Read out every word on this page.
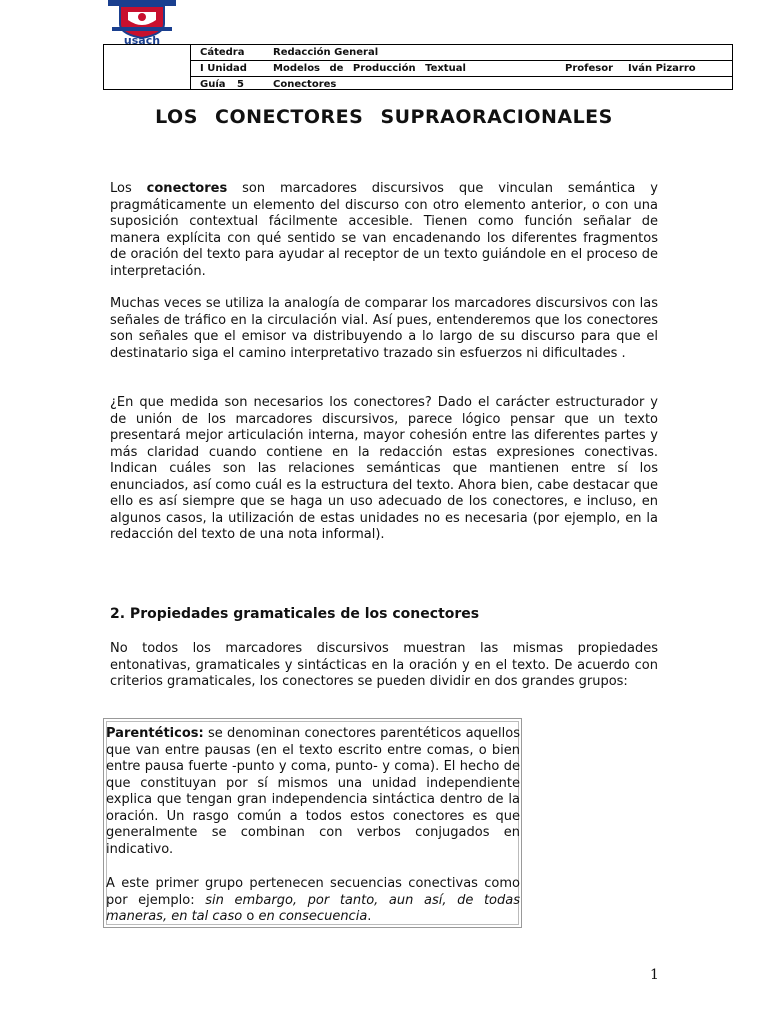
usach
Cátedra	Redacción General
I Unidad	Modelos de Producción Textual	Profesor Iván Pizarro
Guía 5	Conectores
LOS CONECTORES SUPRAORACIONALES

Los conectores son marcadores discursivos que vinculan semántica y pragmáticamente un elemento del discurso con otro elemento anterior, o con una suposición contextual fácilmente accesible. Tienen como función señalar de manera explícita con qué sentido se van encadenando los diferentes fragmentos de oración del texto para ayudar al receptor de un texto guiándole en el proceso de interpretación.

Muchas veces se utiliza la analogía de comparar los marcadores discursivos con las señales de tráfico en la circulación vial. Así pues, entenderemos que los conectores son señales que el emisor va distribuyendo a lo largo de su discurso para que el destinatario siga el camino interpretativo trazado sin esfuerzos ni dificultades .

¿En que medida son necesarios los conectores? Dado el carácter estructurador y de unión de los marcadores discursivos, parece lógico pensar que un texto presentará mejor articulación interna, mayor cohesión entre las diferentes partes y más claridad cuando contiene en la redacción estas expresiones conectivas. Indican cuáles son las relaciones semánticas que mantienen entre sí los enunciados, así como cuál es la estructura del texto. Ahora bien, cabe destacar que ello es así siempre que se haga un uso adecuado de los conectores, e incluso, en algunos casos, la utilización de estas unidades no es necesaria (por ejemplo, en la redacción del texto de una nota informal).

2. Propiedades gramaticales de los conectores

No todos los marcadores discursivos muestran las mismas propiedades entonativas, gramaticales y sintácticas en la oración y en el texto. De acuerdo con criterios gramaticales, los conectores se pueden dividir en dos grandes grupos:

Parentéticos: se denominan conectores parentéticos aquellos que van entre pausas (en el texto escrito entre comas, o bien entre pausa fuerte -punto y coma, punto- y coma). El hecho de que constituyan por sí mismos una unidad independiente explica que tengan gran independencia sintáctica dentro de la oración. Un rasgo común a todos estos conectores es que generalmente se combinan con verbos conjugados en indicativo.

A este primer grupo pertenecen secuencias conectivas como por ejemplo: sin embargo, por tanto, aun así, de todas maneras, en tal caso o en consecuencia.

1
